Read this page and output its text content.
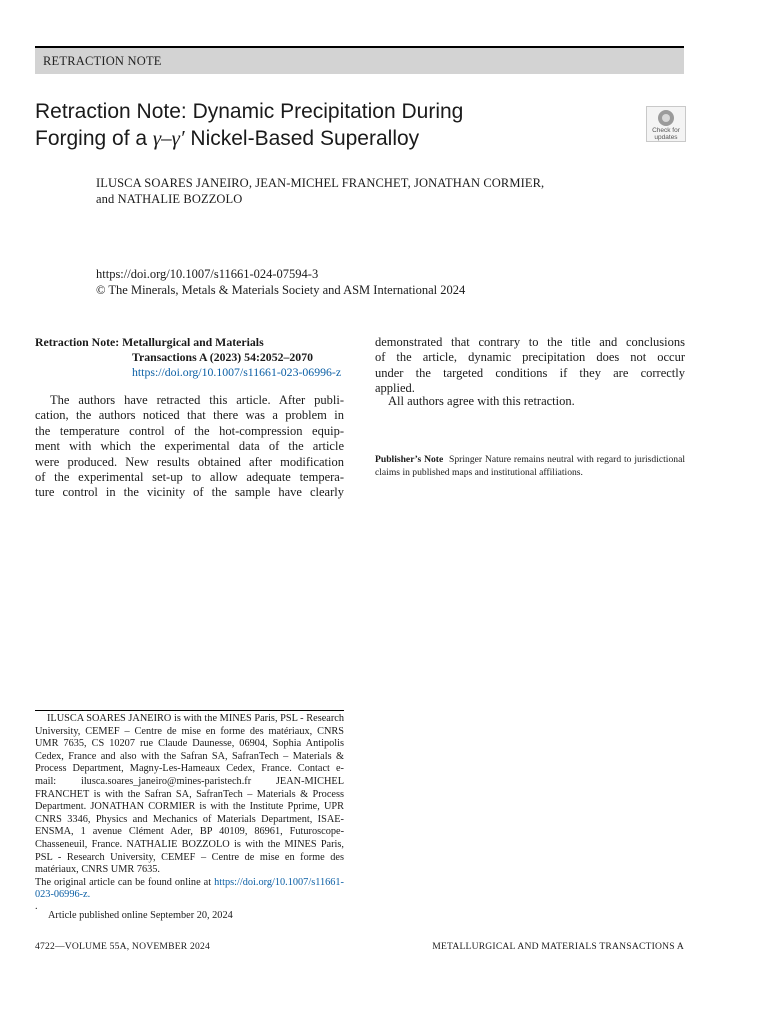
RETRACTION NOTE
Retraction Note: Dynamic Precipitation During
Forging of a γ–γ′ Nickel-Based Superalloy	Check for
updates
ILUSCA SOARES JANEIRO, JEAN-MICHEL FRANCHET, JONATHAN CORMIER,
and NATHALIE BOZZOLO
https://doi.org/10.1007/s11661-024-07594-3
© The Minerals, Metals & Materials Society and ASM International 2024
Retraction Note: Metallurgical and Materials
Transactions A (2023) 54:2052–2070
https://doi.org/10.1007/s11661-023-06996-z
The authors have retracted this article. After publi-
cation, the authors noticed that there was a problem in
the temperature control of the hot-compression equip-
ment with which the experimental data of the article
were produced. New results obtained after modification
of the experimental set-up to allow adequate tempera-
ture control in the vicinity of the sample have clearly
demonstrated that contrary to the title and conclusions
of the article, dynamic precipitation does not occur
under the targeted conditions if they are correctly
applied.
All authors agree with this retraction.
Publisher’s Note Springer Nature remains neutral with regard to jurisdictional claims in published maps and institutional affiliations.

ILUSCA SOARES JANEIRO is with the MINES Paris, PSL - Research University, CEMEF – Centre de mise en forme des matériaux, CNRS UMR 7635, CS 10207 rue Claude Daunesse, 06904, Sophia Antipolis Cedex, France and also with the Safran SA, SafranTech – Materials & Process Department, Magny-Les-Hameaux Cedex, France. Contact e-mail: ilusca.soares_janeiro@mines-paristech.fr JEAN-MICHEL FRANCHET is with the Safran SA, SafranTech – Materials & Process Department. JONATHAN CORMIER is with the Institute Pprime, UPR CNRS 3346, Physics and Mechanics of Materials Department, ISAE-ENSMA, 1 avenue Clément Ader, BP 40109, 86961, Futuroscope-Chasseneuil, France. NATHALIE BOZZOLO is with the MINES Paris, PSL - Research University, CEMEF – Centre de mise en forme des matériaux, CNRS UMR 7635.

The original article can be found online at https://doi.org/10.1007/s11661-023-06996-z.

.

Article published online September 20, 2024
4722—VOLUME 55A, NOVEMBER 2024	METALLURGICAL AND MATERIALS TRANSACTIONS A
